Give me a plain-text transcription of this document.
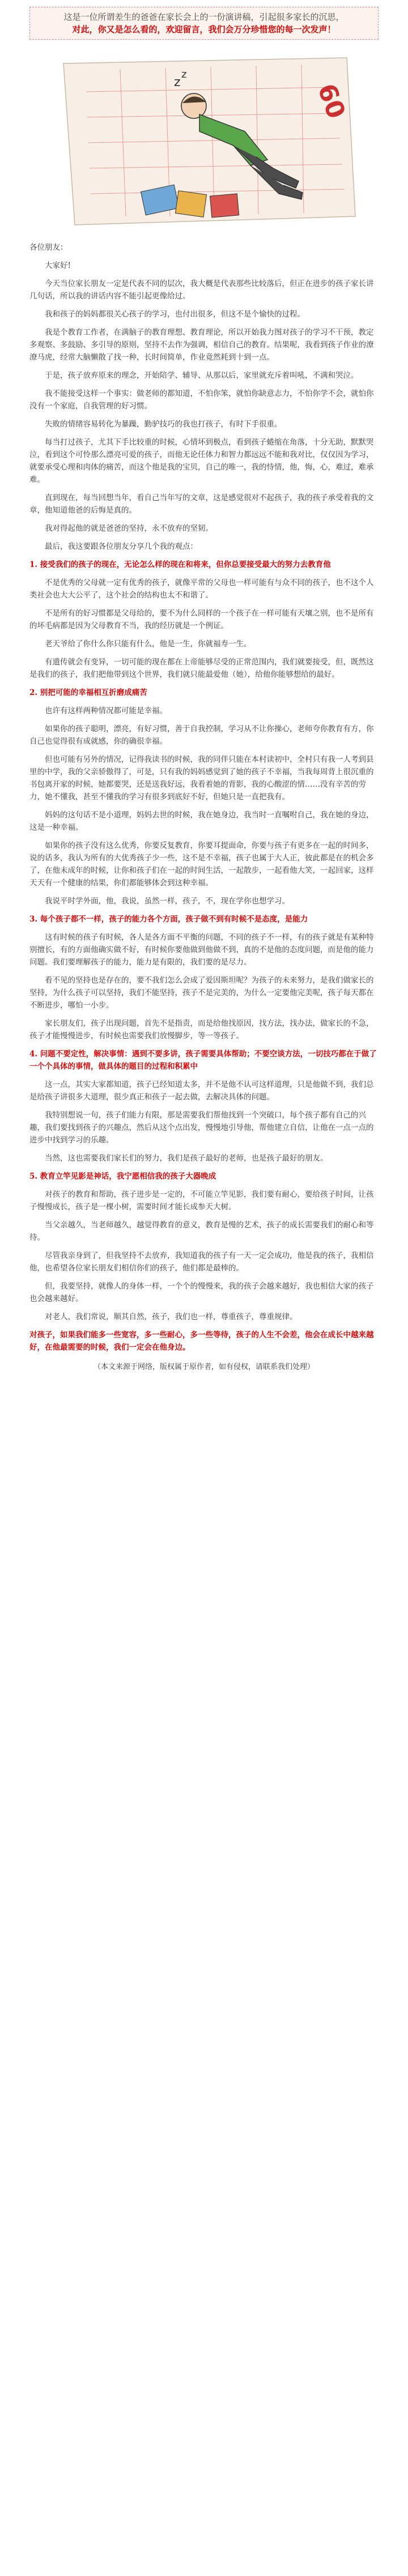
这是一位所谓差生的爸爸在家长会上的一份演讲稿，引起很多家长的沉思，
对此，你又是怎么看的，欢迎留言，我们会万分珍惜您的每一次发声！
60
z
z

各位朋友：

大家好!

今天当位家长朋友一定是代表不同的层次，我大概是代表那些比较落后，但正在进步的孩子家长讲几句话，所以我的讲话内容不能引起更像给过。

我和孩子的妈妈都很关心孩子的学习，也付出很多，但这不是个愉快的过程。

我是个教育工作者，在满脑子的教育理想、教育理论，所以开始我力图对孩子的学习不干预，教定多观察、多鼓励、多引导的原则，坚持不去作为强调，相信自己的教育。结果呢，我看到孩子作业的潦潦马虎，经常大脑懒散了找一种，长时间简单，作业竟然耗到十到一点。

于是，孩子放弃原来的理念，开始陪学、辅导、从那以后，家里就充斥着叫吼，不满和哭泣。

我不能接受这样一个事实：做老师的都知道，不怕你笨，就怕你缺意志力，不怕你学不会，就怕你没有一个家庭，自我管理的好习惯。

失败的情绪容易转化为暴躁，勤驴技巧的我也打孩子，有时下手很重。

每当打过孩子，尤其下手比较重的时候，心情坏到极点，看到孩子蜷缩在角落，十分无助，默默哭泣，看到这个可怜那么漂亮可爱的孩子，而他无论任体力和智力都远远不能和我对比，仅仅因为学习，就要承受心理和肉体的痛苦，而这个他是我的宝贝，自己的唯一，我的恃情，他，悔，心，难过，难承难。

直到现在，每当回想当年，看自己当年写的文章，这是感觉很对不起孩子，我的孩子承受着我的文章，他知道他爸的后悔是真的。

我对得起他的就是爸爸的坚持，永不放弃的坚韧。

最后，我这要跟各位朋友分享几个我的观点：

1. 接受我们的孩子的现在，无论怎么样的现在和将来，但你总要接受最大的努力去教育他

不是优秀的父母就一定有优秀的孩子，就像平常的父母也一样可能有与众不同的孩子，也不这个人类社会也大大公平了，这个社会的结构也太不和谐了。

不是所有的好习惯都是父母给的，要不为什么同样的一个孩子在一样可能有天壤之别，也不是所有的坏毛病都是因为父母教育不当，我的经历就是一个例证。

老天爷给了你什么你只能有什么，他是一生，你就福寿一生。

有遗传就会有变异，一切可能的现在都在上帝能够尽受的正常范围内，我们就要接受，但，既然这是我们的孩子，我们把他带到这个世界，我们就只能最爱他（她），给他你能够想给的最好。

2. 别把可能的幸福相互折磨成痛苦

也许有这样两种情况都可能是幸福。

如果你的孩子聪明，漂亮，有好习惯，善于自我控制，学习从不让你操心，老师夸你教育有方，你自己也觉得很有成就感，你的确很幸福。

但也可能有另外的情况，记得我读书的时候，我的同伴只能在本村读初中，全村只有我一人考到县里的中学，我的父亲骄傲得了，可是，只有我的妈妈感觉到了她的孩子不幸福，当我每周背上很沉重的书包离开家的时候，她都要哭，还是送我好远，我看着她的背影，我的心酸涩的情……没有辛苦的劳力，她不懂我，甚至不懂我的学习有很多到底好不好，但她只是一直把我有。

妈妈的这句话不是小道理，妈妈去世的时候，我在她身边，我当时一直嘱咐自己，我在她的身边，这是一种幸福。

如果你的孩子没有这么优秀，你要反复教育，你要耳提面命，你要与孩子有更多在一起的时间多，说的话多，我认为所有的大优秀孩子少一些，这不是不幸福，孩子也属于大人正，彼此都是在的机会多了，在他未成年的时候，让你和孩子们在一起的时间生活，一起散步，一起看他大笑，一起回家，这样天天有一个健康的结果，你们都能够体会到这种幸福。

我说平时学外面，他，我说，虽然一样，孩子，不，现在学你也想学习。

3. 每个孩子都不一样，孩子的能力各个方面，孩子做不到有时候不是态度，是能力

这有时候的孩子有时候，各人是各方面不平衡的问题，不同的孩子不一样，有的孩子就是有某种特别擅长，有的方面他确实做不好，有时候你要他做到他做不到，真的不是他的态度问题，而是他的能力问题。我们要理解孩子的能力，能力是有限的，我们要的是尽力。

看不见的坚持也是存在的，要不我们怎么会成了爱因斯坦呢？为孩子的未来努力，是我们做家长的坚持，为什么孩子可以坚持，我们不能坚持，孩子不是完美的，为什么一定要他完美呢，孩子每天都在不断进步，哪怕一小步。

家长朋友们，孩子出现问题，首先不是指责，而是给他找原因，找方法，找办法，做家长的不急，孩子才能慢慢进步，有时候也需要我们放慢脚步，等一等孩子。

4. 问题不要定性，解决事情：遇到不要多讲，孩子需要具体帮助；不要空谈方法，一切技巧都在于做了一个个具体的事情，做具体的题目的过程和积累中

这一点，其实大家都知道，孩子已经知道太多，并不是他不认可这样道理，只是他做不到，我们总是给孩子讲很多大道理，很少真正和孩子一起去做，去解决具体的问题。

我特别想说一句，孩子们能力有限，那是需要我们帮他找到一个突破口，每个孩子都有自己的兴趣，我们要找到孩子的兴趣点，然后从这个点出发，慢慢地引导他，帮他建立自信，让他在一点一点的进步中找到学习的乐趣。

当然，这也需要我们家长们的努力，我们是孩子最好的老师，也是孩子最好的朋友。

5. 教育立竿见影是神话，我宁愿相信我的孩子大器晚成

对孩子的教育和帮助，孩子进步是一定的，不可能立竿见影，我们要有耐心，要给孩子时间，让孩子慢慢成长，孩子是一棵小树，需要时间才能长成参天大树。

当父亲越久，当老师越久，越觉得教育的意义，教育是慢的艺术，孩子的成长需要我们的耐心和等待。

尽管我亲身到了，但我坚持不去放弃，我知道我的孩子有一天一定会成功，他是我的孩子，我相信他，也希望各位家长朋友们相信你们的孩子，他们都是最棒的。

但，我要坚持，就像人的身体一样，一个个的慢慢来，我的孩子会越来越好，我也相信大家的孩子也会越来越好。

对老人，我们常说，顺其自然，孩子，我们也一样，尊重孩子，尊重规律。

对孩子，如果我们能多一些宽容，多一些耐心，多一些等待，孩子的人生不会差，他会在成长中越来越好，在他最需要的时候，我们一定会在他身边。

（本文来源于网络，版权属于原作者，如有侵权，请联系我们处理）
